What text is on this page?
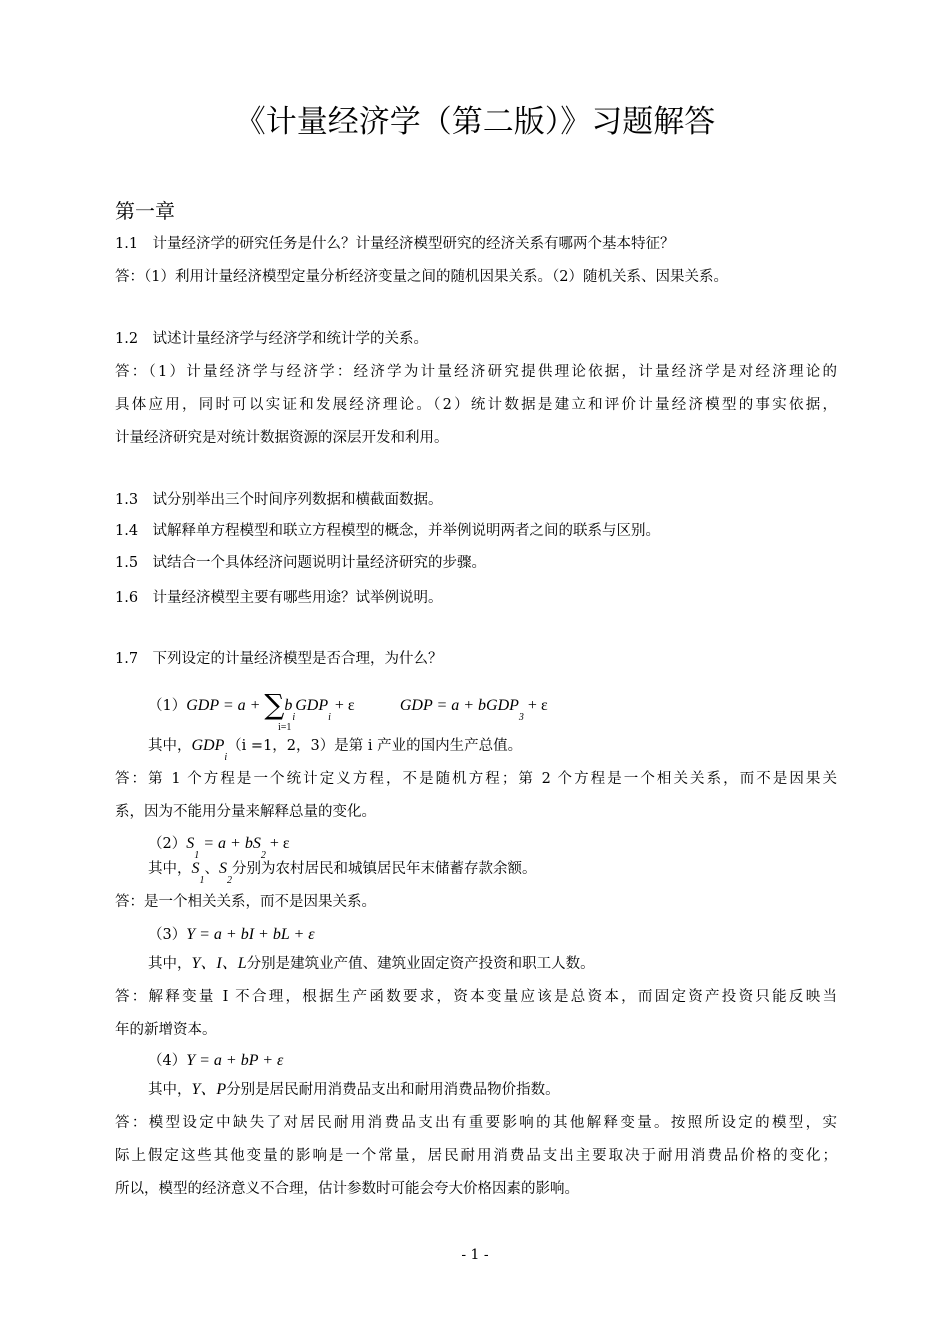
《计量经济学（第二版）》习题解答
第一章
1.1　计量经济学的研究任务是什么？计量经济模型研究的经济关系有哪两个基本特征？
答：（1）利用计量经济模型定量分析经济变量之间的随机因果关系。（2）随机关系、因果关系。
1.2　试述计量经济学与经济学和统计学的关系。
答：（1）计量经济学与经济学：经济学为计量经济研究提供理论依据，计量经济学是对经济理论的
具体应用，同时可以实证和发展经济理论。（2）统计数据是建立和评价计量经济模型的事实依据，
计量经济研究是对统计数据资源的深层开发和利用。
1.3　试分别举出三个时间序列数据和横截面数据。
1.4　试解释单方程模型和联立方程模型的概念，并举例说明两者之间的联系与区别。
1.5　试结合一个具体经济问题说明计量经济研究的步骤。
1.6　计量经济模型主要有哪些用途？试举例说明。
1.7　下列设定的计量经济模型是否合理，为什么？
$(1)GDP = a + \sum b_iGDP_i + \varepsilon$	GDP = a + bGDP$_3$ + ε
i=1
其中，$GDP_i(i =1$，2，3）是第 i 产业的国内生产总值。
答：第 1 个方程是一个统计定义方程，不是随机方程；第 2 个方程是一个相关关系，而不是因果关
系，因为不能用分量来解释总量的变化。
$(2)S_1 = a + bS_2 + \varepsilon$
其中，$S_1$、$S_2$分别为农村居民和城镇居民年末储蓄存款余额。
答：是一个相关关系，而不是因果关系。
（3）Y = a + bI + bL + ε
其中，Y、I、L分别是建筑业产值、建筑业固定资产投资和职工人数。
答：解释变量 I 不合理，根据生产函数要求，资本变量应该是总资本，而固定资产投资只能反映当
年的新增资本。
（4）Y = a + bP + ε
其中，Y、P分别是居民耐用消费品支出和耐用消费品物价指数。
答：模型设定中缺失了对居民耐用消费品支出有重要影响的其他解释变量。按照所设定的模型，实
际上假定这些其他变量的影响是一个常量，居民耐用消费品支出主要取决于耐用消费品价格的变化；
所以，模型的经济意义不合理，估计参数时可能会夸大价格因素的影响。
- 1 -
